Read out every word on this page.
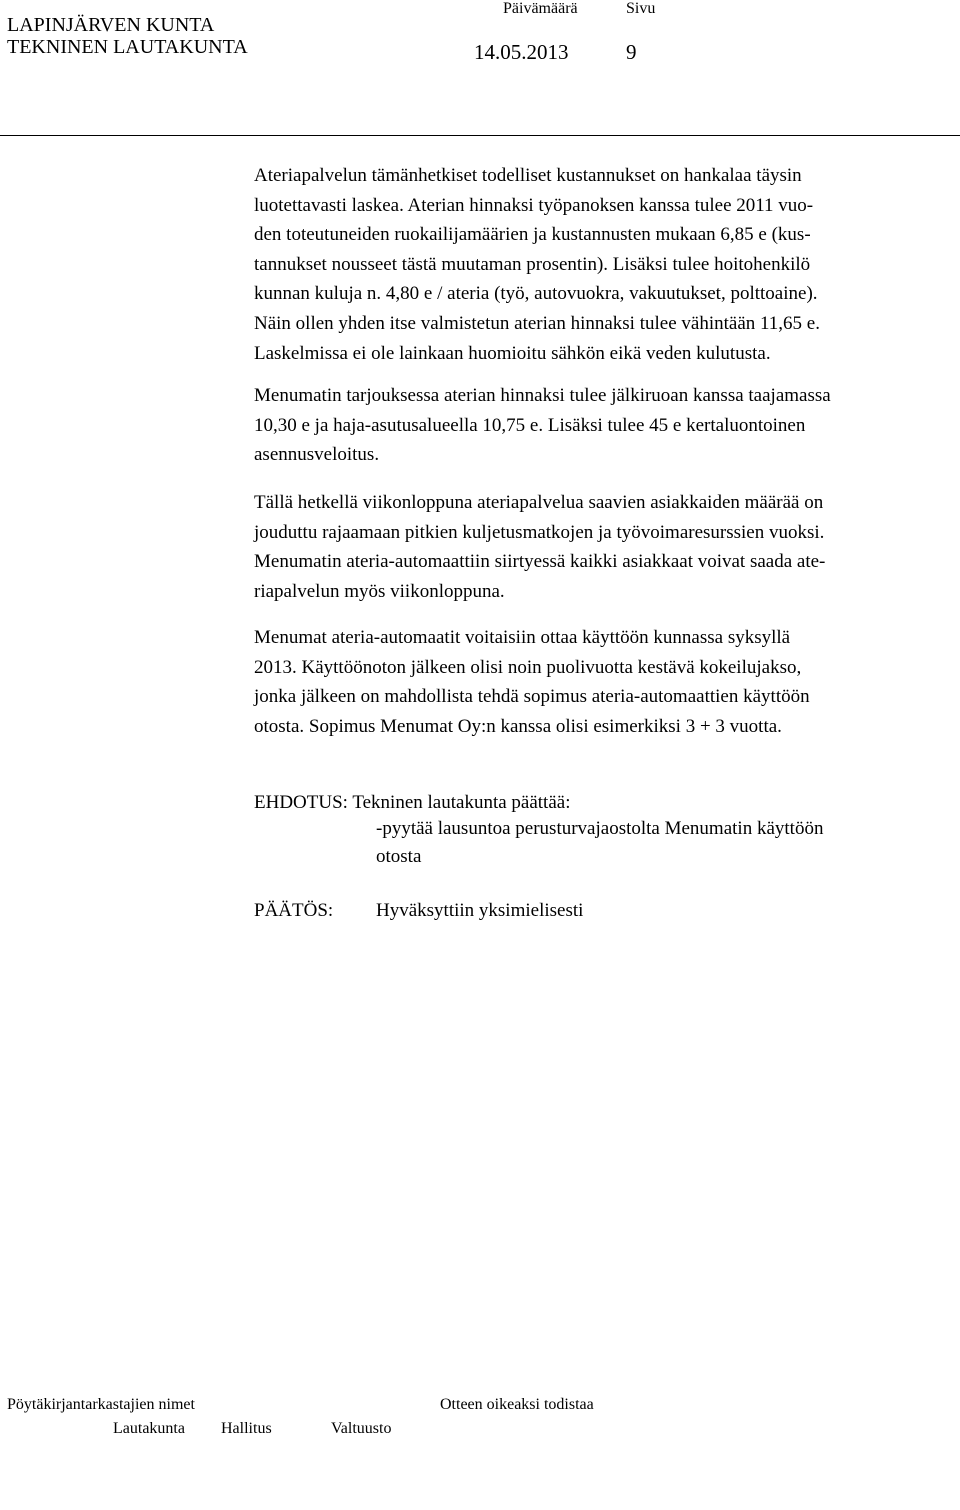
LAPINJÄRVEN KUNTA
TEKNINEN LAUTAKUNTA
Päivämäärä	Sivu
14.05.2013	9
Ateriapalvelun tämänhetkiset todelliset kustannukset on hankalaa täysin
luotettavasti laskea. Aterian hinnaksi työpanoksen kanssa tulee 2011 vuo-
den toteutuneiden ruokailijamäärien ja kustannusten mukaan 6,85 e (kus-
tannukset nousseet tästä muutaman prosentin). Lisäksi tulee hoitohenkilö
kunnan kuluja n. 4,80 e / ateria (työ, autovuokra, vakuutukset, polttoaine).
Näin ollen yhden itse valmistetun aterian hinnaksi tulee vähintään 11,65 e.
Laskelmissa ei ole lainkaan huomioitu sähkön eikä veden kulutusta.
Menumatin tarjouksessa aterian hinnaksi tulee jälkiruoan kanssa taajamassa
10,30 e ja haja-asutusalueella 10,75 e. Lisäksi tulee 45 e kertaluontoinen
asennusveloitus.
Tällä hetkellä viikonloppuna ateriapalvelua saavien asiakkaiden määrää on
jouduttu rajaamaan pitkien kuljetusmatkojen ja työvoimaresurssien vuoksi.
Menumatin ateria-automaattiin siirtyessä kaikki asiakkaat voivat saada ate-
riapalvelun myös viikonloppuna.
Menumat ateria-automaatit voitaisiin ottaa käyttöön kunnassa syksyllä
2013. Käyttöönoton jälkeen olisi noin puolivuotta kestävä kokeilujakso,
jonka jälkeen on mahdollista tehdä sopimus ateria-automaattien käyttöön
otosta. Sopimus Menumat Oy:n kanssa olisi esimerkiksi 3 + 3 vuotta.
EHDOTUS: Tekninen lautakunta päättää:
-pyytää lausuntoa perusturvajaostolta Menumatin käyttöön
otosta
PÄÄTÖS: Hyväksyttiin yksimielisesti
Pöytäkirjantarkastajien nimet	Otteen oikeaksi todistaa
Lautakunta Hallitus	Valtuusto
